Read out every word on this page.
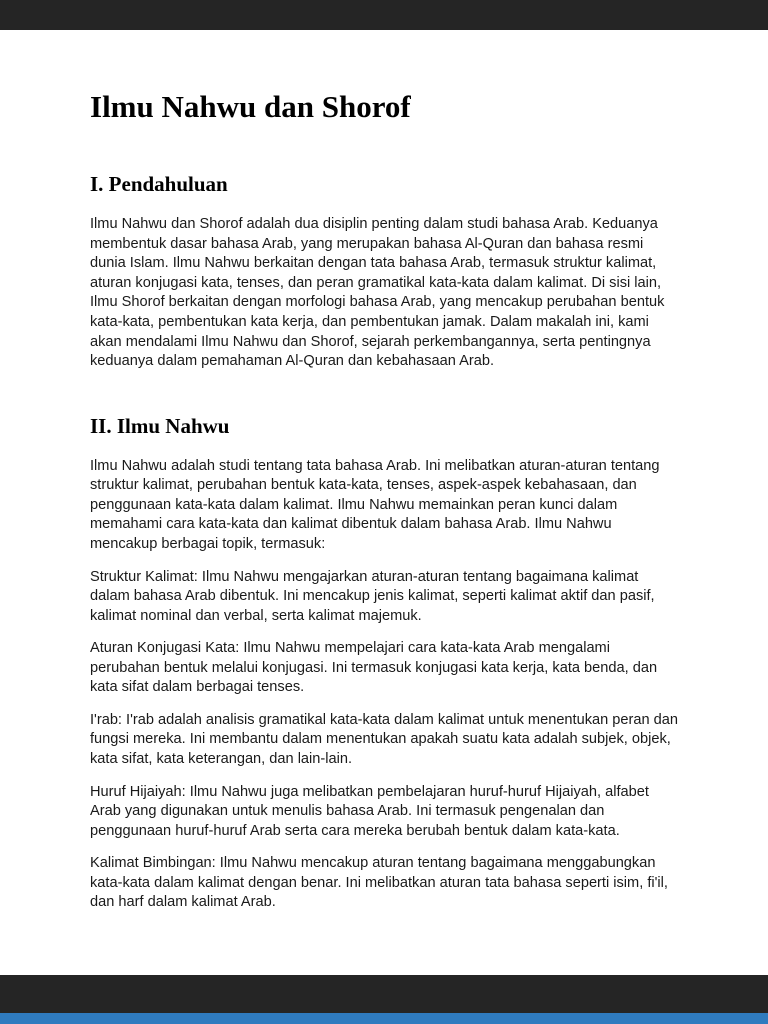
Ilmu Nahwu dan Shorof
I. Pendahuluan

Ilmu Nahwu dan Shorof adalah dua disiplin penting dalam studi bahasa Arab. Keduanya membentuk dasar bahasa Arab, yang merupakan bahasa Al-Quran dan bahasa resmi dunia Islam. Ilmu Nahwu berkaitan dengan tata bahasa Arab, termasuk struktur kalimat, aturan konjugasi kata, tenses, dan peran gramatikal kata-kata dalam kalimat. Di sisi lain, Ilmu Shorof berkaitan dengan morfologi bahasa Arab, yang mencakup perubahan bentuk kata-kata, pembentukan kata kerja, dan pembentukan jamak. Dalam makalah ini, kami akan mendalami Ilmu Nahwu dan Shorof, sejarah perkembangannya, serta pentingnya keduanya dalam pemahaman Al-Quran dan kebahasaan Arab.

II. Ilmu Nahwu

Ilmu Nahwu adalah studi tentang tata bahasa Arab. Ini melibatkan aturan-aturan tentang struktur kalimat, perubahan bentuk kata-kata, tenses, aspek-aspek kebahasaan, dan penggunaan kata-kata dalam kalimat. Ilmu Nahwu memainkan peran kunci dalam memahami cara kata-kata dan kalimat dibentuk dalam bahasa Arab. Ilmu Nahwu mencakup berbagai topik, termasuk:

Struktur Kalimat: Ilmu Nahwu mengajarkan aturan-aturan tentang bagaimana kalimat dalam bahasa Arab dibentuk. Ini mencakup jenis kalimat, seperti kalimat aktif dan pasif, kalimat nominal dan verbal, serta kalimat majemuk.

Aturan Konjugasi Kata: Ilmu Nahwu mempelajari cara kata-kata Arab mengalami perubahan bentuk melalui konjugasi. Ini termasuk konjugasi kata kerja, kata benda, dan kata sifat dalam berbagai tenses.

I'rab: I'rab adalah analisis gramatikal kata-kata dalam kalimat untuk menentukan peran dan fungsi mereka. Ini membantu dalam menentukan apakah suatu kata adalah subjek, objek, kata sifat, kata keterangan, dan lain-lain.

Huruf Hijaiyah: Ilmu Nahwu juga melibatkan pembelajaran huruf-huruf Hijaiyah, alfabet Arab yang digunakan untuk menulis bahasa Arab. Ini termasuk pengenalan dan penggunaan huruf-huruf Arab serta cara mereka berubah bentuk dalam kata-kata.

Kalimat Bimbingan: Ilmu Nahwu mencakup aturan tentang bagaimana menggabungkan kata-kata dalam kalimat dengan benar. Ini melibatkan aturan tata bahasa seperti isim, fi'il, dan harf dalam kalimat Arab.
